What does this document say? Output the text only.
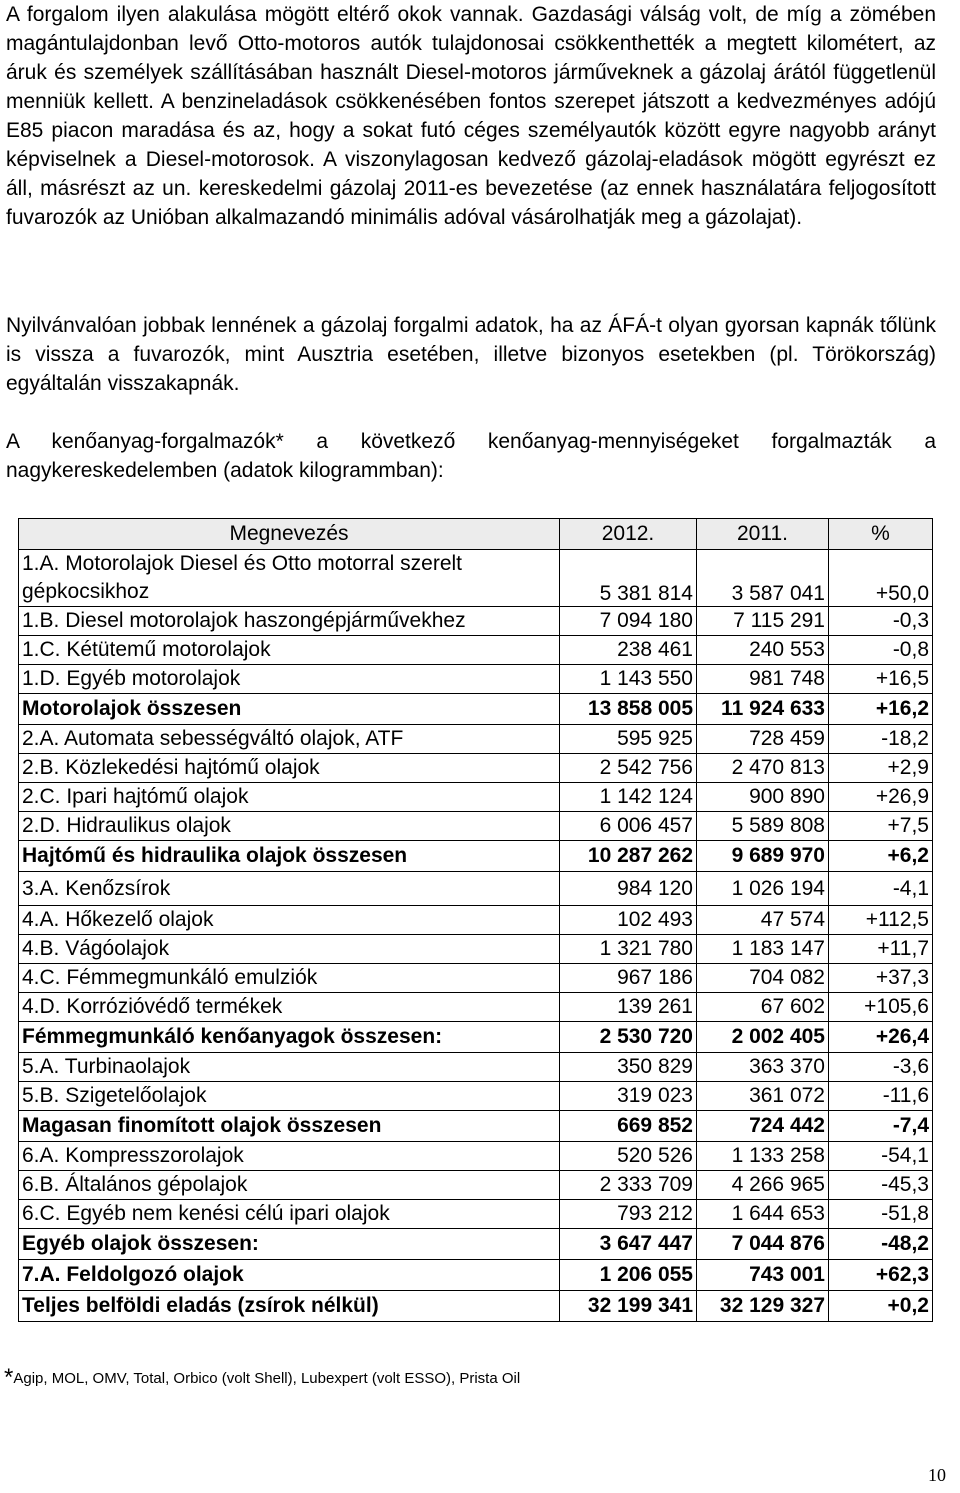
A forgalom ilyen alakulása mögött eltérő okok vannak. Gazdasági válság volt, de míg a zömében magántulajdonban levő Otto-motoros autók tulajdonosai csökkenthették a megtett kilométert, az áruk és személyek szállításában használt Diesel-motoros járműveknek a gázolaj árától függetlenül menniük kellett. A benzineladások csökkenésében fontos szerepet játszott a kedvezményes adójú E85 piacon maradása és az, hogy a sokat futó céges személyautók között egyre nagyobb arányt képviselnek a Diesel-motorosok. A viszonylagosan kedvező gázolaj-eladások mögött egyrészt ez áll, másrészt az un. kereskedelmi gázolaj 2011-es bevezetése (az ennek használatára feljogosított fuvarozók az Unióban alkalmazandó minimális adóval vásárolhatják meg a gázolajat).

Nyilvánvalóan jobbak lennének a gázolaj forgalmi adatok, ha az ÁFÁ-t olyan gyorsan kapnák tőlünk is vissza a fuvarozók, mint Ausztria esetében, illetve bizonyos esetekben (pl. Törökország) egyáltalán visszakapnák.

A kenőanyag-forgalmazók* a következő kenőanyag-mennyiségeket forgalmazták a nagykereskedelemben (adatok kilogrammban):

Megnevezés	2012.	2011.	%
1.A. Motorolajok Diesel és Otto motorral szerelt gépkocsikhoz	5 381 814	3 587 041	+50,0
1.B. Diesel motorolajok haszongépjárművekhez	7 094 180	7 115 291	-0,3
1.C. Kétütemű motorolajok	238 461	240 553	-0,8
1.D. Egyéb motorolajok	1 143 550	981 748	+16,5
Motorolajok összesen	13 858 005	11 924 633	+16,2
2.A. Automata sebességváltó olajok, ATF	595 925	728 459	-18,2
2.B. Közlekedési hajtómű olajok	2 542 756	2 470 813	+2,9
2.C. Ipari hajtómű olajok	1 142 124	900 890	+26,9
2.D. Hidraulikus olajok	6 006 457	5 589 808	+7,5
Hajtómű és hidraulika olajok összesen	10 287 262	9 689 970	+6,2
3.A. Kenőzsírok	984 120	1 026 194	-4,1
4.A. Hőkezelő olajok	102 493	47 574	+112,5
4.B. Vágóolajok	1 321 780	1 183 147	+11,7
4.C. Fémmegmunkáló emulziók	967 186	704 082	+37,3
4.D. Korrózióvédő termékek	139 261	67 602	+105,6
Fémmegmunkáló kenőanyagok összesen:	2 530 720	2 002 405	+26,4
5.A. Turbinaolajok	350 829	363 370	-3,6
5.B. Szigetelőolajok	319 023	361 072	-11,6
Magasan finomított olajok összesen	669 852	724 442	-7,4
6.A. Kompresszorolajok	520 526	1 133 258	-54,1
6.B. Általános gépolajok	2 333 709	4 266 965	-45,3
6.C. Egyéb nem kenési célú ipari olajok	793 212	1 644 653	-51,8
Egyéb olajok összesen:	3 647 447	7 044 876	-48,2
7.A. Feldolgozó olajok	1 206 055	743 001	+62,3
Teljes belföldi eladás (zsírok nélkül)	32 199 341	32 129 327	+0,2
*Agip, MOL, OMV, Total, Orbico (volt Shell), Lubexpert (volt ESSO), Prista Oil
10
